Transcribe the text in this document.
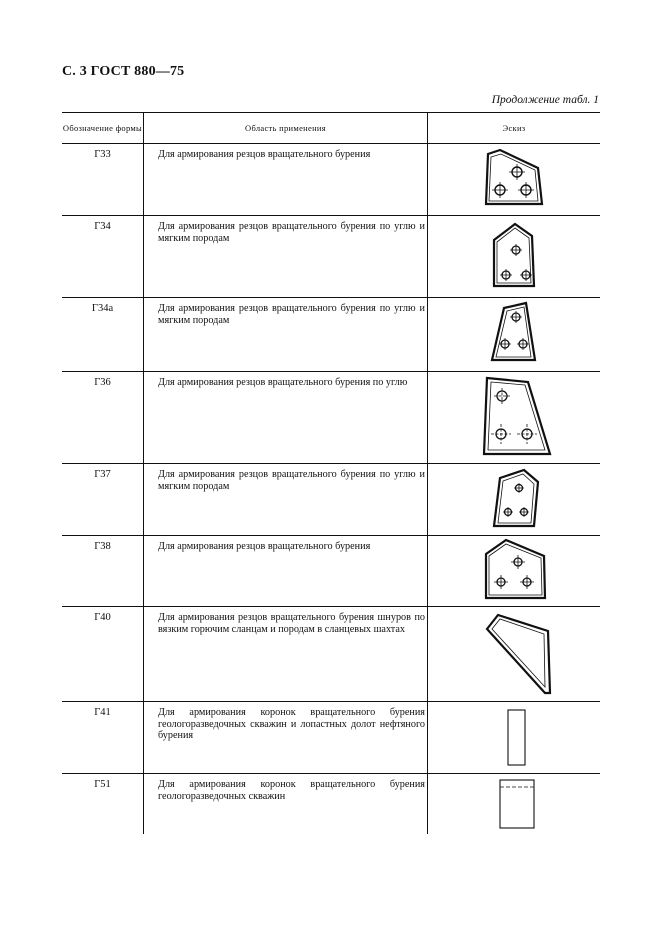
С. 3 ГОСТ 880—75
Продолжение табл. 1
Обозначение формы	Область применения	Эскиз

Г33	Для армирования резцов вращательного бурения

Г34	Для армирования резцов вращательного бурения по углю и мягким породам

Г34а	Для армирования резцов вращательного бурения по углю и мягким породам

Г36	Для армирования резцов вращательного бурения по углю

Г37	Для армирования резцов вращательного бурения по углю и мягким породам

Г38	Для армирования резцов вращательного бурения

Г40	Для армирования резцов вращательного бурения шнуров по вязким горючим сланцам и породам в сланцевых шахтах

Г41	Для армирования коронок вращательного бурения геологоразведочных скважин и лопастных долот нефтяного бурения

Г51	Для армирования коронок вращательного бурения геологоразведочных скважин
